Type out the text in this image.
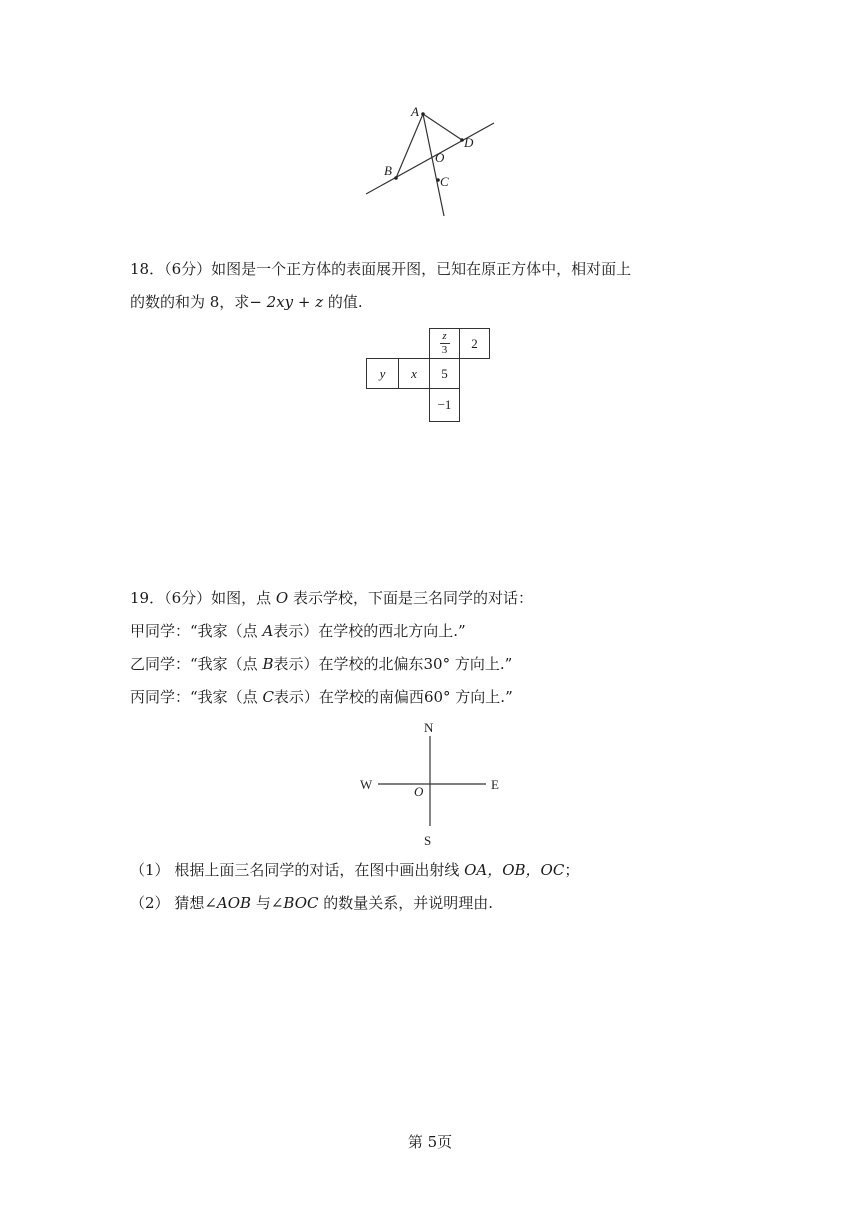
A
B
D
O
C
18．（6分）如图是一个正方体的表面展开图，已知在原正方体中，相对面上
的数的和为 8，求− 2xy + z 的值.
$\frac{z}{3} 2$
y x 5
−1
19．（6分）如图，点 O 表示学校，下面是三名同学的对话：
甲同学：“我家（点 A表示）在学校的西北方向上.”
乙同学：“我家（点 B表示）在学校的北偏东30° 方向上.”
丙同学：“我家（点 C表示）在学校的南偏西60° 方向上.”
N
S
W	E
O
（1） 根据上面三名同学的对话，在图中画出射线 OA，OB，OC；
（2） 猜想∠AOB 与∠BOC 的数量关系，并说明理由.
第 5页
